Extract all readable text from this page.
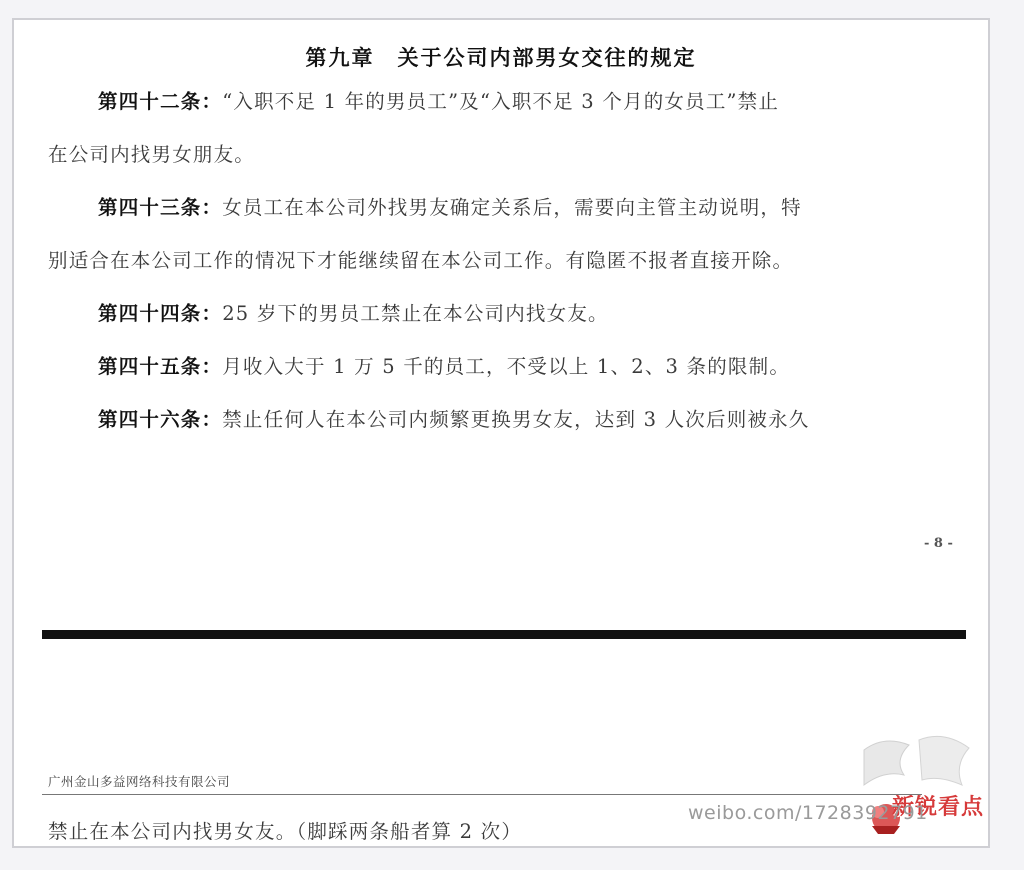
第九章　关于公司内部男女交往的规定
第四十二条：“入职不足 1 年的男员工”及“入职不足 3 个月的女员工”禁止
在公司内找男女朋友。
第四十三条：女员工在本公司外找男友确定关系后，需要向主管主动说明，特
别适合在本公司工作的情况下才能继续留在本公司工作。有隐匿不报者直接开除。
第四十四条：25 岁下的男员工禁止在本公司内找女友。
第四十五条：月收入大于 1 万 5 千的员工，不受以上 1、2、3 条的限制。
第四十六条：禁止任何人在本公司内频繁更换男女友，达到 3 人次后则被永久
- 8 -
新锐看点
广州金山多益网络科技有限公司
禁止在本公司内找男女友。（脚踩两条船者算 2 次）
weibo.com/1728392791
